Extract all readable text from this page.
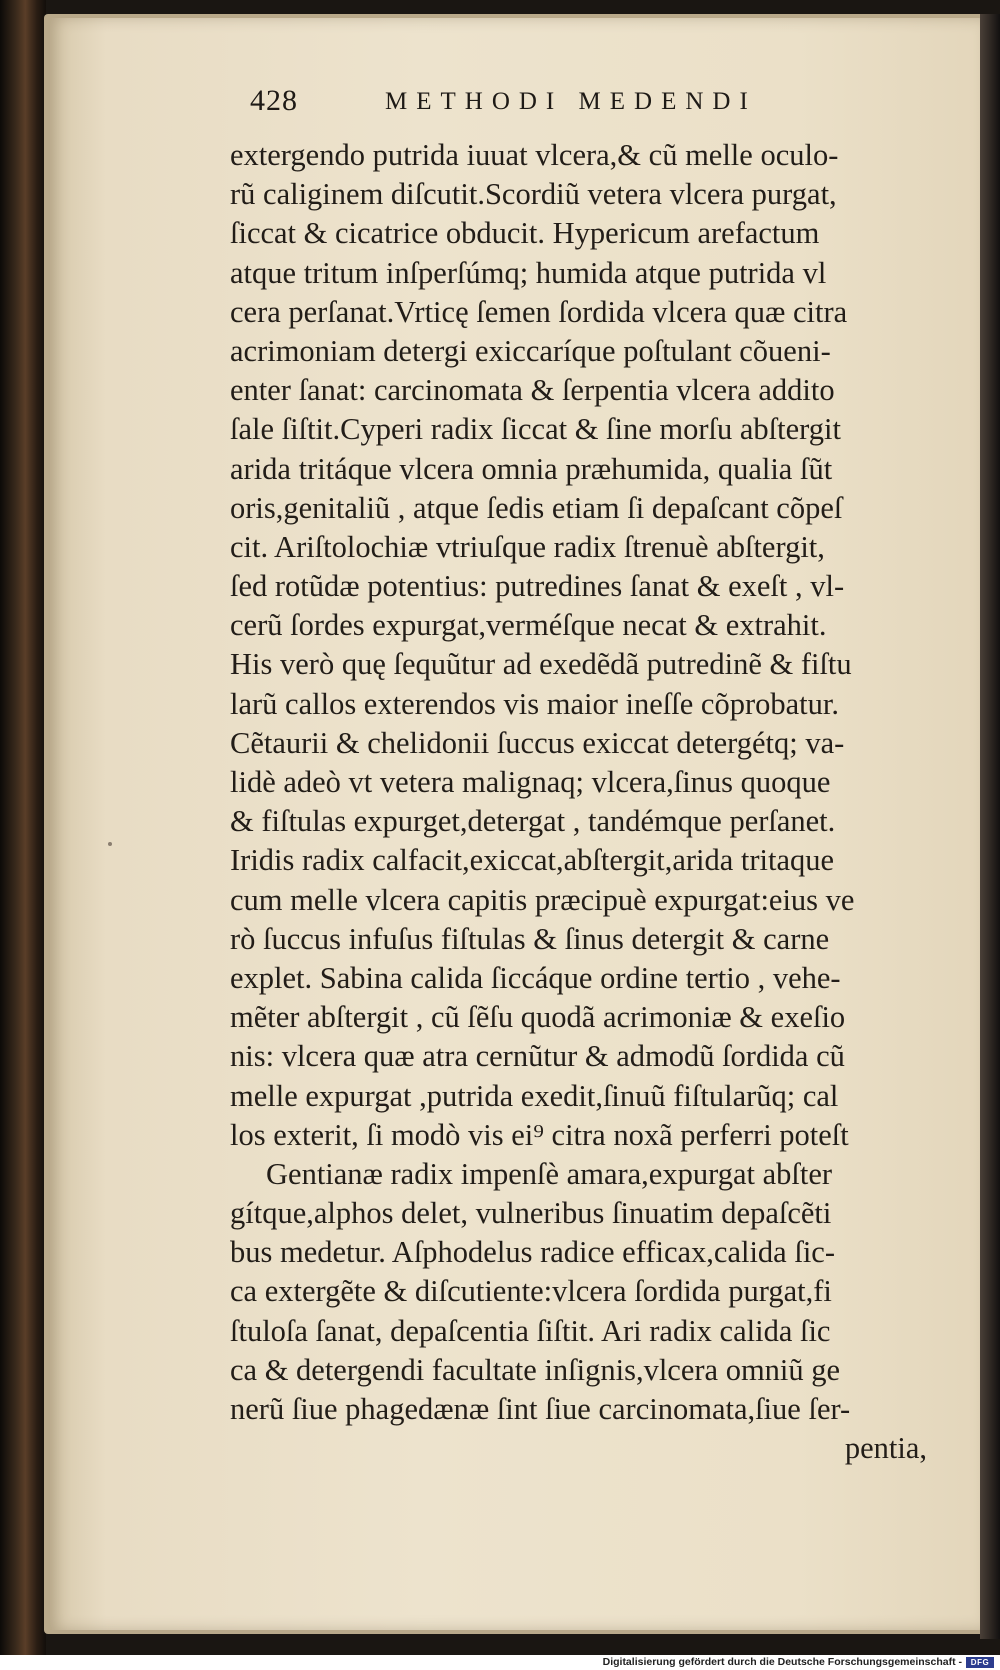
428	METHODI MEDENDI
extergendo putrida iuuat vlcera,& cũ melle oculo-
rũ caliginem diſcutit.Scordiũ vetera vlcera purgat,
ſiccat & cicatrice obducit. Hypericum arefactum
atque tritum inſperſúmq; humida atque putrida vl
cera perſanat.Vrticę ſemen ſordida vlcera quæ citra
acrimoniam detergi exiccaríque poſtulant cõueni-
enter ſanat: carcinomata & ſerpentia vlcera addito
ſale ſiſtit.Cyperi radix ſiccat & ſine morſu abſtergit
arida tritáque vlcera omnia præhumida, qualia ſũt
oris,genitaliũ , atque ſedis etiam ſi depaſcant cõpeſ
cit. Ariſtolochiæ vtriuſque radix ſtrenuè abſtergit,
ſed rotũdæ potentius: putredines ſanat & exeſt , vl-
cerũ ſordes expurgat,verméſque necat & extrahit.
His verò quę ſequũtur ad exedẽdã putredinẽ & fiſtu
larũ callos exterendos vis maior ineſſe cõprobatur.
Cẽtaurii & chelidonii ſuccus exiccat detergétq; va-
lidè adeò vt vetera malignaq; vlcera,ſinus quoque
& fiſtulas expurget,detergat , tandémque perſanet.
Iridis radix calfacit,exiccat,abſtergit,arida tritaque
cum melle vlcera capitis præcipuè expurgat:eius ve
rò ſuccus infuſus fiſtulas & ſinus detergit & carne
explet. Sabina calida ſiccáque ordine tertio , vehe-
mẽter abſtergit , cũ ſẽſu quodã acrimoniæ & exeſio
nis: vlcera quæ atra cernũtur & admodũ ſordida cũ
melle expurgat ,putrida exedit,ſinuũ fiſtularũq; cal
los exterit, ſi modò vis ei⁹ citra noxã perferri poteſt
Gentianæ radix impenſè amara,expurgat abſter
gítque,alphos delet, vulneribus ſinuatim depaſcẽti
bus medetur. Aſphodelus radice efficax,calida ſic-
ca extergẽte & diſcutiente:vlcera ſordida purgat,fi
ſtuloſa ſanat, depaſcentia ſiſtit. Ari radix calida ſic
ca & detergendi facultate inſignis,vlcera omniũ ge
nerũ ſiue phagedænæ ſint ſiue carcinomata,ſiue ſer-
pentia,
Digitalisierung gefördert durch die Deutsche Forschungsgemeinschaft -	DFG
